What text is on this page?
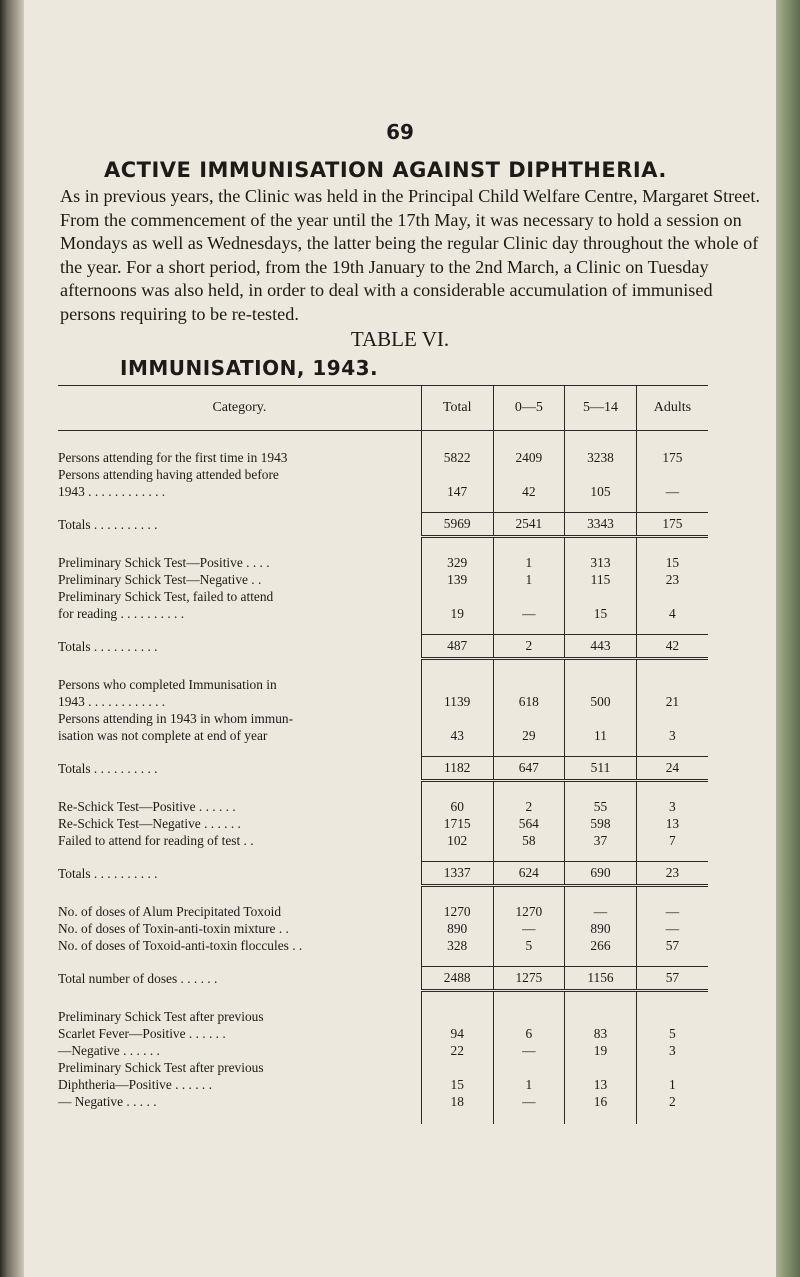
69
ACTIVE IMMUNISATION AGAINST DIPHTHERIA.
As in previous years, the Clinic was held in the Principal Child Welfare Centre, Margaret Street. From the commencement of the year until the 17th May, it was necessary to hold a session on Mondays as well as Wednesdays, the latter being the regular Clinic day throughout the whole of the year. For a short period, from the 19th January to the 2nd March, a Clinic on Tuesday afternoons was also held, in order to deal with a considerable accumulation of immunised persons requiring to be re-tested.
TABLE VI.
IMMUNISATION, 1943.
Category.	Total	0—5	5—14	Adults

Persons attending for the first time in 1943	5822	2409	3238	175
Persons attending having attended before				
1943 . . . . . . . . . . . .	147	42	105	—

Totals . . . . . . . . . .	5969	2541	3343	175

Preliminary Schick Test—Positive . . . .	329	1	313	15
Preliminary Schick Test—Negative . .	139	1	115	23
Preliminary Schick Test, failed to attend				
for reading . . . . . . . . . .	19	—	15	4

Totals . . . . . . . . . .	487	2	443	42

Persons who completed Immunisation in				
1943 . . . . . . . . . . . .	1139	618	500	21
Persons attending in 1943 in whom immun-				
isation was not complete at end of year	43	29	11	3

Totals . . . . . . . . . .	1182	647	511	24

Re-Schick Test—Positive . . . . . .	60	2	55	3
Re-Schick Test—Negative . . . . . .	1715	564	598	13
Failed to attend for reading of test . .	102	58	37	7

Totals . . . . . . . . . .	1337	624	690	23

No. of doses of Alum Precipitated Toxoid	1270	1270	—	—
No. of doses of Toxin-anti-toxin mixture . .	890	—	890	—
No. of doses of Toxoid-anti-toxin floccules . .	328	5	266	57

Total number of doses . . . . . .	2488	1275	1156	57

Preliminary Schick Test after previous				
Scarlet Fever—Positive . . . . . .	94	6	83	5
—Negative . . . . . .	22	—	19	3
Preliminary Schick Test after previous				
Diphtheria—Positive . . . . . .	15	1	13	1
— Negative . . . . .	18	—	16	2
